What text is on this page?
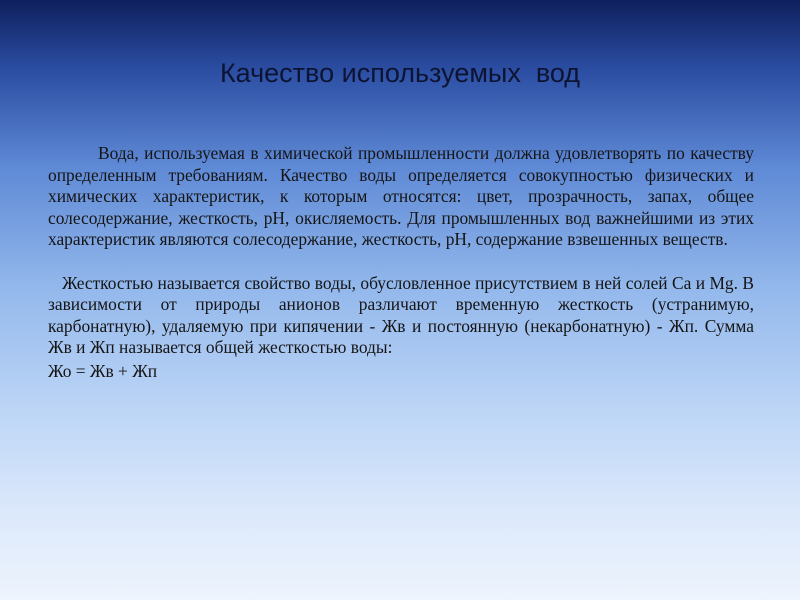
Качество используемых  вод

Вода, используемая в химической промышленности должна удовлетворять по качеству определенным требованиям. Качество воды определяется совокупностью физических и химических характеристик, к которым относятся: цвет, прозрачность, запах, общее солесодержание, жесткость, рН, окисляемость. Для промышленных вод важнейшими из этих характеристик являются солесодержание, жесткость, рН, содержание взвешенных веществ.

Жесткостью называется свойство воды, обусловленное присутствием в ней солей Са и Мg. В зависимости от природы анионов различают временную жесткость (устранимую, карбонатную), удаляемую при кипячении - Жв и постоянную (некарбонатную) - Жп. Сумма Жв и Жп называется общей жесткостью воды:

Жо = Жв + Жп
